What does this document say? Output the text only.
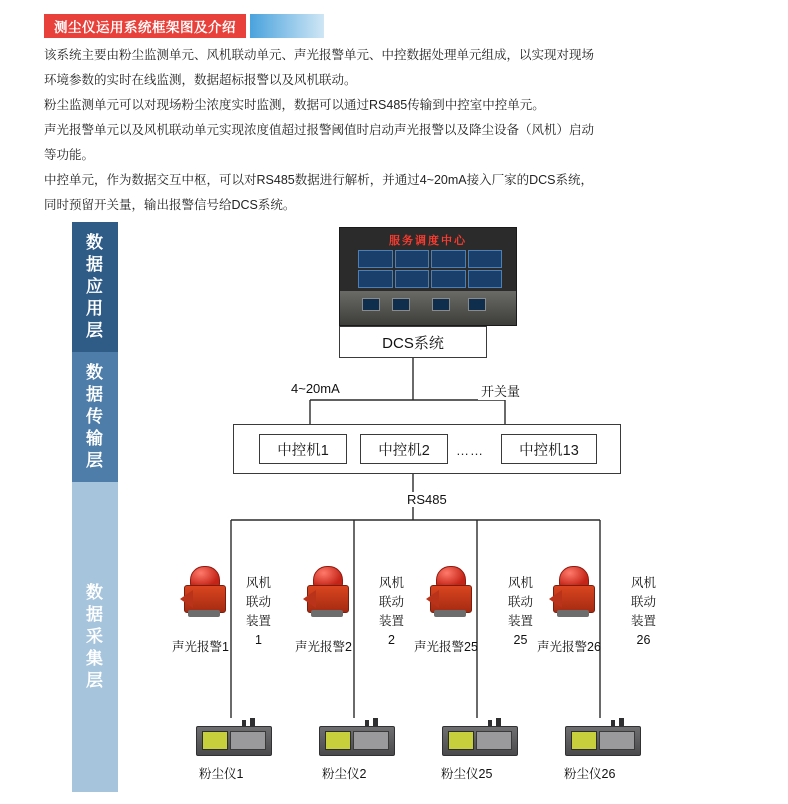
测尘仪运用系统框架图及介绍

该系统主要由粉尘监测单元、风机联动单元、声光报警单元、中控数据处理单元组成，以实现对现场

环境参数的实时在线监测，数据超标报警以及风机联动。

粉尘监测单元可以对现场粉尘浓度实时监测，数据可以通过RS485传输到中控室中控单元。

声光报警单元以及风机联动单元实现浓度值超过报警阈值时启动声光报警以及降尘设备（风机）启动

等功能。

中控单元，作为数据交互中枢，可以对RS485数据进行解析，并通过4~20mA接入厂家的DCS系统，

同时预留开关量，输出报警信号给DCS系统。

数
据
应
用
层
数
据
传
输
层
数
据
采
集
层
服务调度中心
DCS系统
4~20mA	开关量
RS485
中控机1	中控机2	……	中控机13
声光报警1
风机
联动
装置
1
粉尘仪1
声光报警2
风机
联动
装置
2
粉尘仪2
声光报警25
风机
联动
装置
25
粉尘仪25
声光报警26
风机
联动
装置
26
粉尘仪26
